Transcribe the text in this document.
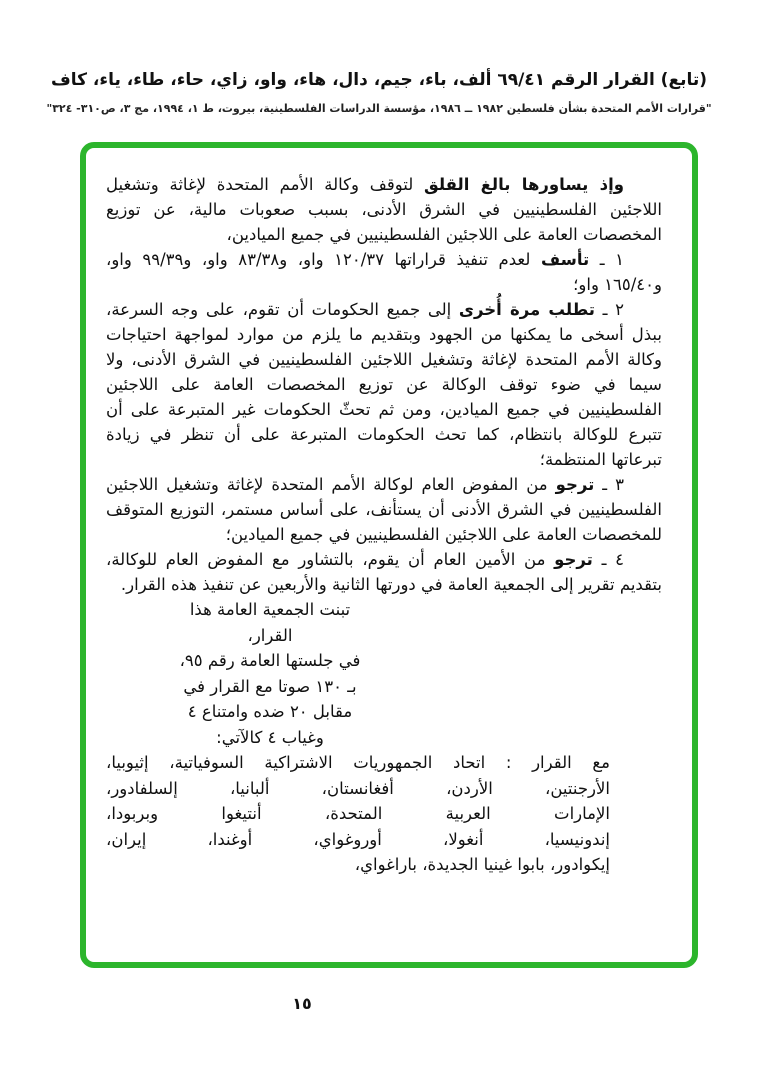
(تابع) القرار الرقم ٦٩/٤١ ألف، باء، جيم، دال، هاء، واو، زاي، حاء، طاء، ياء، كاف
"قرارات الأمم المتحدة بشأن فلسطين ١٩٨٢ ــ ١٩٨٦، مؤسسة الدراسات الفلسطينية، بيروت، ط ١، ١٩٩٤، مج ٣، ص٣١٠- ٣٢٤"

وإذ يساورها بالغ القلق لتوقف وكالة الأمم المتحدة لإغاثة وتشغيل اللاجئين الفلسطينيين في الشرق الأدنى، بسبب صعوبات مالية، عن توزيع المخصصات العامة على اللاجئين الفلسطينيين في جميع الميادين،

١ ـ تأسف لعدم تنفيذ قراراتها ١٢٠/٣٧ واو، و٨٣/٣٨ واو، و٩٩/٣٩ واو، و١٦٥/٤٠ واو؛

٢ ـ تطلب مرة أُخرى إلى جميع الحكومات أن تقوم، على وجه السرعة، ببذل أسخى ما يمكنها من الجهود وبتقديم ما يلزم من موارد لمواجهة احتياجات وكالة الأمم المتحدة لإغاثة وتشغيل اللاجئين الفلسطينيين في الشرق الأدنى، ولا سيما في ضوء توقف الوكالة عن توزيع المخصصات العامة على اللاجئين الفلسطينيين في جميع الميادين، ومن ثم تحثّ الحكومات غير المتبرعة على أن تتبرع للوكالة بانتظام، كما تحث الحكومات المتبرعة على أن تنظر في زيادة تبرعاتها المنتظمة؛

٣ ـ ترجو من المفوض العام لوكالة الأمم المتحدة لإغاثة وتشغيل اللاجئين الفلسطينيين في الشرق الأدنى أن يستأنف، على أساس مستمر، التوزيع المتوقف للمخصصات العامة على اللاجئين الفلسطينيين في جميع الميادين؛

٤ ـ ترجو من الأمين العام أن يقوم، بالتشاور مع المفوض العام للوكالة، بتقديم تقرير إلى الجمعية العامة في دورتها الثانية والأربعين عن تنفيذ هذه القرار.

تبنت الجمعية العامة هذا القرار،
في جلستها العامة رقم ٩٥،
بـ ١٣٠ صوتا مع القرار في
مقابل ٢٠ ضده وامتناع ٤
وغياب ٤ كالآتي:
مع القرار : اتحاد الجمهوريات الاشتراكية السوفياتية، إثيوبيا،
الأرجنتين، الأردن، أفغانستان، ألبانيا، إلسلفادور،
الإمارات العربية المتحدة، أنتيغوا وبربودا،
إندونيسيا، أنغولا، أوروغواي، أوغندا، إيران،
إيكوادور، بابوا غينيا الجديدة، باراغواي،
١٥
